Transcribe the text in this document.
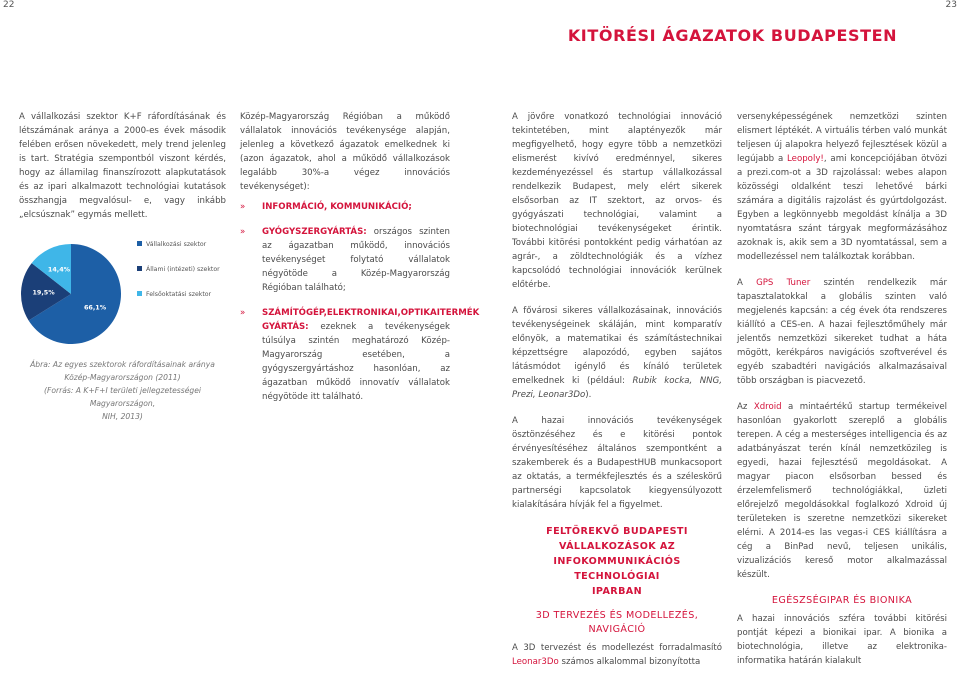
22	23
KITÖRÉSI ÁGAZATOK BUDAPESTEN

A vállalkozási szektor K+F ráfordításának és létszámának aránya a 2000-es évek második felében erősen növekedett, mely trend jelenleg is tart. Stratégia szempontból viszont kérdés, hogy az államilag finanszírozott alapkutatások és az ipari alkalmazott technológiai kutatások összhangja megvalósul- e, vagy inkább „elcsúsznak” egymás mellett.

66,1%
19,5%
14,4%
Vállalkozási szektor
Állami (intézeti) szektor
Felsőoktatási szektor
Ábra: Az egyes szektorok ráfordításainak aránya
Közép-Magyarországon (2011)
(Forrás: A K+F+I területi jellegzetességei Magyarországon,
NIH, 2013)

Közép-Magyarország Régióban a működő vállalatok innovációs tevékenysége alapján, jelenleg a következő ágazatok emelkednek ki (azon ágazatok, ahol a működő vállalkozások legalább 30%-a végez innovációs tevékenységet):

» INFORMÁCIÓ, KOMMUNIKÁCIÓ;
» GYÓGYSZERGYÁRTÁS: országos szinten az ágazatban működő, innovációs tevékenységet folytató vállalatok négyötöde a Közép-Magyarország Régióban található;
» SZÁMÍTÓGÉP,ELEKTRONIKAI,OPTIKAITERMÉK GYÁRTÁS: ezeknek a tevékenységek túlsúlya szintén meghatározó Közép-Magyarország esetében, a gyógyszergyártáshoz hasonlóan, az ágazatban működő innovatív vállalatok négyötöde itt található.

A jövőre vonatkozó technológiai innováció tekintetében, mint alaptényezők már megfigyelhető, hogy egyre több a nemzetközi elismerést kivívó eredménnyel, sikeres kezdeményezéssel és startup vállalkozással rendelkezik Budapest, mely elért sikerek elsősorban az IT szektort, az orvos- és gyógyászati technológiai, valamint a biotechnológiai tevékenységeket érintik. További kitörési pontokként pedig várhatóan az agrár-, a zöldtechnológiák és a vízhez kapcsolódó technológiai innovációk kerülnek előtérbe.

A fővárosi sikeres vállalkozásainak, innovációs tevékenységeinek skáláján, mint komparatív előnyök, a matematikai és számítástechnikai képzettségre alapozódó, egyben sajátos látásmódot igénylő és kínáló területek emelkednek ki (például: Rubik kocka, NNG, Prezi, Leonar3Do).

A hazai innovációs tevékenységek ösztönzéséhez és e kitörési pontok érvényesítéséhez általános szempontként a szakemberek és a BudapestHUB munkacsoport az oktatás, a termékfejlesztés és a széleskörű partnerségi kapcsolatok kiegyensúlyozott kialakítására hívják fel a figyelmet.

FELTÖREKVŐ BUDAPESTI
VÁLLALKOZÁSOK AZ
INFOKOMMUNIKÁCIÓS TECHNOLÓGIAI
IPARBAN
3D TERVEZÉS ÉS MODELLEZÉS, NAVIGÁCIÓ

A 3D tervezést és modellezést forradalmasító Leonar3Do számos alkalommal bizonyította

versenyképességének nemzetközi szinten elismert léptékét. A virtuális térben való munkát teljesen új alapokra helyező fejlesztések közül a legújabb a Leopoly!, ami koncepciójában ötvözi a prezi.com-ot a 3D rajzolással: webes alapon közösségi oldalként teszi lehetővé bárki számára a digitális rajzolást és gyúrtdolgozást. Egyben a legkönnyebb megoldást kínálja a 3D nyomtatásra szánt tárgyak megformázásához azoknak is, akik sem a 3D nyomtatással, sem a modellezéssel nem találkoztak korábban.

A GPS Tuner szintén rendelkezik már tapasztalatokkal a globális szinten való megjelenés kapcsán: a cég évek óta rendszeres kiállító a CES-en. A hazai fejlesztőműhely már jelentős nemzetközi sikereket tudhat a háta mögött, kerékpáros navigációs szoftverével és egyéb szabadtéri navigációs alkalmazásaival több országban is piacvezető.

Az Xdroid a mintaértékű startup termékeivel hasonlóan gyakorlott szereplő a globális terepen. A cég a mesterséges intelligencia és az adatbányászat terén kínál nemzetközileg is egyedi, hazai fejlesztésű megoldásokat. A magyar piacon elsősorban bessed és érzelemfelismerő technológiákkal, üzleti előrejelző megoldásokkal foglalkozó Xdroid új területeken is szeretne nemzetközi sikereket elérni. A 2014-es las vegas-i CES kiállításra a cég a BinPad nevű, teljesen unikális, vizualizációs kereső motor alkalmazással készült.

EGÉSZSÉGIPAR ÉS BIONIKA

A hazai innovációs szféra további kitörési pontját képezi a bionikai ipar. A bionika a biotechnológia, illetve az elektronika-informatika határán kialakult
